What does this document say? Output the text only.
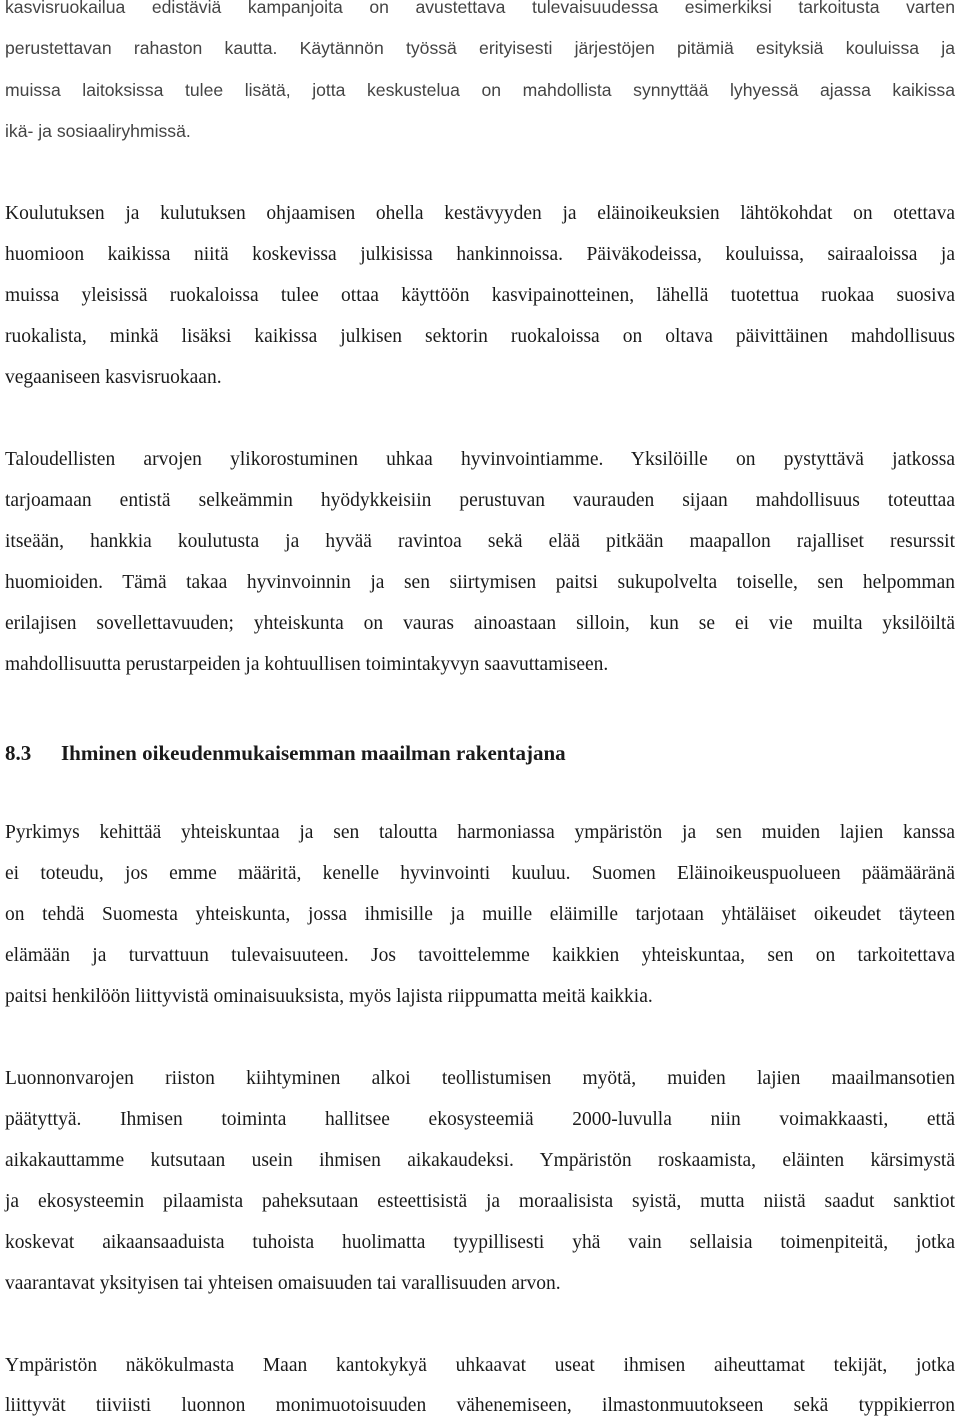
kasvisruokailua edistäviä kampanjoita on avustettava tulevaisuudessa esimerkiksi tarkoitusta varten
perustettavan rahaston kautta. Käytännön työssä erityisesti järjestöjen pitämiä esityksiä kouluissa ja
muissa laitoksissa tulee lisätä, jotta keskustelua on mahdollista synnyttää lyhyessä ajassa kaikissa
ikä- ja sosiaaliryhmissä.
Koulutuksen ja kulutuksen ohjaamisen ohella kestävyyden ja eläinoikeuksien lähtökohdat on otettava
huomioon kaikissa niitä koskevissa julkisissa hankinnoissa. Päiväkodeissa, kouluissa, sairaaloissa ja
muissa yleisissä ruokaloissa tulee ottaa käyttöön kasvipainotteinen, lähellä tuotettua ruokaa suosiva
ruokalista, minkä lisäksi kaikissa julkisen sektorin ruokaloissa on oltava päivittäinen mahdollisuus
vegaaniseen kasvisruokaan.
Taloudellisten arvojen ylikorostuminen uhkaa hyvinvointiamme. Yksilöille on pystyttävä jatkossa
tarjoamaan entistä selkeämmin hyödykkeisiin perustuvan vaurauden sijaan mahdollisuus toteuttaa
itseään, hankkia koulutusta ja hyvää ravintoa sekä elää pitkään maapallon rajalliset resurssit
huomioiden. Tämä takaa hyvinvoinnin ja sen siirtymisen paitsi sukupolvelta toiselle, sen helpomman
erilajisen sovellettavuuden; yhteiskunta on vauras ainoastaan silloin, kun se ei vie muilta yksilöiltä
mahdollisuutta perustarpeiden ja kohtuullisen toimintakyvyn saavuttamiseen.
8.3 Ihminen oikeudenmukaisemman maailman rakentajana
Pyrkimys kehittää yhteiskuntaa ja sen taloutta harmoniassa ympäristön ja sen muiden lajien kanssa
ei toteudu, jos emme määritä, kenelle hyvinvointi kuuluu. Suomen Eläinoikeuspuolueen päämääränä
on tehdä Suomesta yhteiskunta, jossa ihmisille ja muille eläimille tarjotaan yhtäläiset oikeudet täyteen
elämään ja turvattuun tulevaisuuteen. Jos tavoittelemme kaikkien yhteiskuntaa, sen on tarkoitettava
paitsi henkilöön liittyvistä ominaisuuksista, myös lajista riippumatta meitä kaikkia.
Luonnonvarojen riiston kiihtyminen alkoi teollistumisen myötä, muiden lajien maailmansotien
päätyttyä. Ihmisen toiminta hallitsee ekosysteemiä 2000-luvulla niin voimakkaasti, että
aikakauttamme kutsutaan usein ihmisen aikakaudeksi. Ympäristön roskaamista, eläinten kärsimystä
ja ekosysteemin pilaamista paheksutaan esteettisistä ja moraalisista syistä, mutta niistä saadut sanktiot
koskevat aikaansaaduista tuhoista huolimatta tyypillisesti yhä vain sellaisia toimenpiteitä, jotka
vaarantavat yksityisen tai yhteisen omaisuuden tai varallisuuden arvon.
Ympäristön näkökulmasta Maan kantokykyä uhkaavat useat ihmisen aiheuttamat tekijät, jotka
liittyvät tiiviisti luonnon monimuotoisuuden vähenemiseen, ilmastonmuutokseen sekä typpikierron
